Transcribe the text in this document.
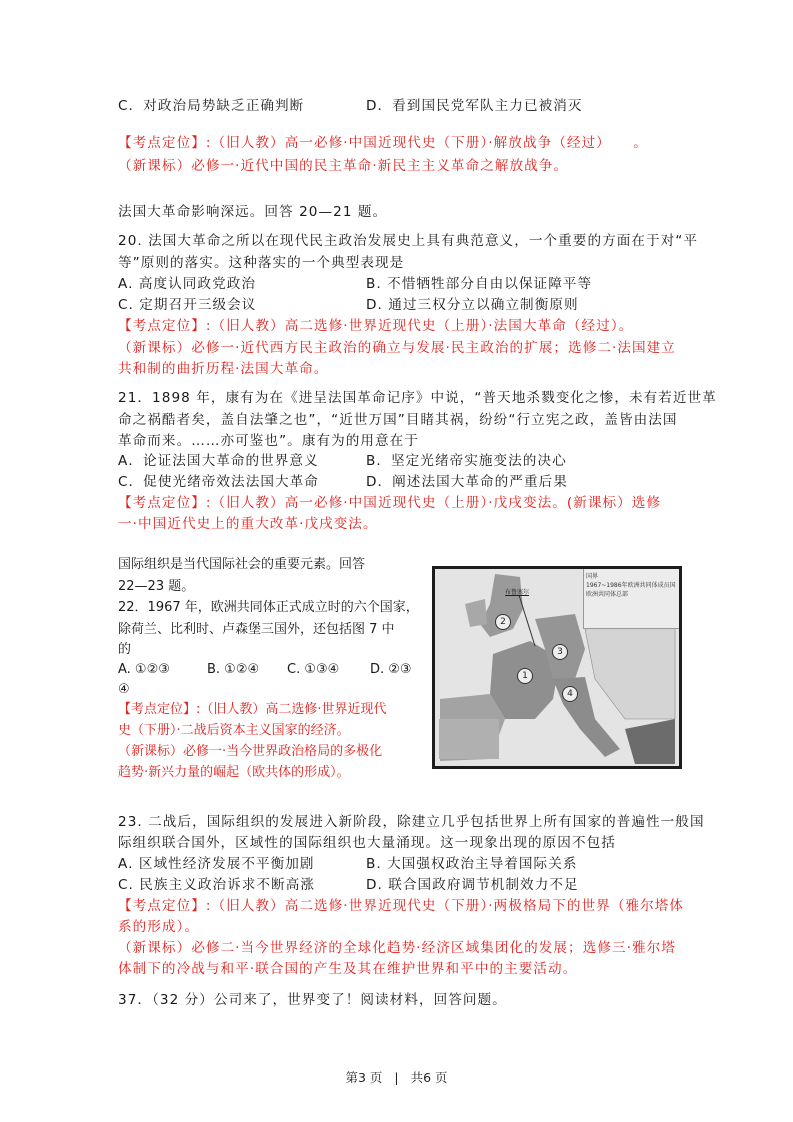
C．对政治局势缺乏正确判断	D．看到国民党军队主力已被消灭
【考点定位】:（旧人教）高一必修·中国近现代史（下册）·解放战争（经过）　　。
（新课标）必修一·近代中国的民主革命·新民主主义革命之解放战争。
法国大革命影响深远。回答 20—21 题。
20. 法国大革命之所以在现代民主政治发展史上具有典范意义，一个重要的方面在于对“平
等”原则的落实。这种落实的一个典型表现是
A. 高度认同政党政治	B. 不惜牺牲部分自由以保证障平等
C. 定期召开三级会议	D. 通过三权分立以确立制衡原则
【考点定位】:（旧人教）高二选修·世界近现代史（上册）·法国大革命（经过）。
（新课标）必修一·近代西方民主政治的确立与发展·民主政治的扩展；选修二·法国建立
共和制的曲折历程·法国大革命。
21．1898 年，康有为在《进呈法国革命记序》中说，“普天地杀戮变化之惨，未有若近世革
命之祸酷者矣，盖自法肇之也”，“近世万国”目睹其祸，纷纷“行立宪之政，盖皆由法国
革命而来。……亦可鉴也”。康有为的用意在于
A．论证法国大革命的世界意义	B．坚定光绪帝实施变法的决心
C．促使光绪帝效法法国大革命	D．阐述法国大革命的严重后果
【考点定位】:（旧人教）高一必修·中国近现代史（上册）·戊戌变法。(新课标）选修
一·中国近代史上的重大改革·戊戌变法。
国际组织是当代国际社会的重要元素。回答
22—23 题。
22．1967 年，欧洲共同体正式成立时的六个国家，
除荷兰、比利时、卢森堡三国外，还包括图 7 中
的
A. ①②③	B. ①②④ C. ①③④ D. ②③
④
【考点定位】:（旧人教）高二选修·世界近现代
史（下册）·二战后资本主义国家的经济。
（新课标）必修一·当今世界政治格局的多极化
趋势·新兴力量的崛起（欧共体的形成）。
国界
1967~1986年欧洲共同体成员国
欧洲共同体总部
布鲁塞尔
1
2
3
4
23. 二战后，国际组织的发展进入新阶段，除建立几乎包括世界上所有国家的普遍性一般国
际组织联合国外，区域性的国际组织也大量涌现。这一现象出现的原因不包括
A. 区域性经济发展不平衡加剧	B. 大国强权政治主导着国际关系
C. 民族主义政治诉求不断高涨	D. 联合国政府调节机制效力不足
【考点定位】:（旧人教）高二选修·世界近现代史（下册）·两极格局下的世界（雅尔塔体
系的形成）。
（新课标）必修二·当今世界经济的全球化趋势·经济区域集团化的发展；选修三·雅尔塔
体制下的冷战与和平·联合国的产生及其在维护世界和平中的主要活动。
37．（32 分）公司来了，世界变了！阅读材料，回答问题。
第3 页 | 共6 页
